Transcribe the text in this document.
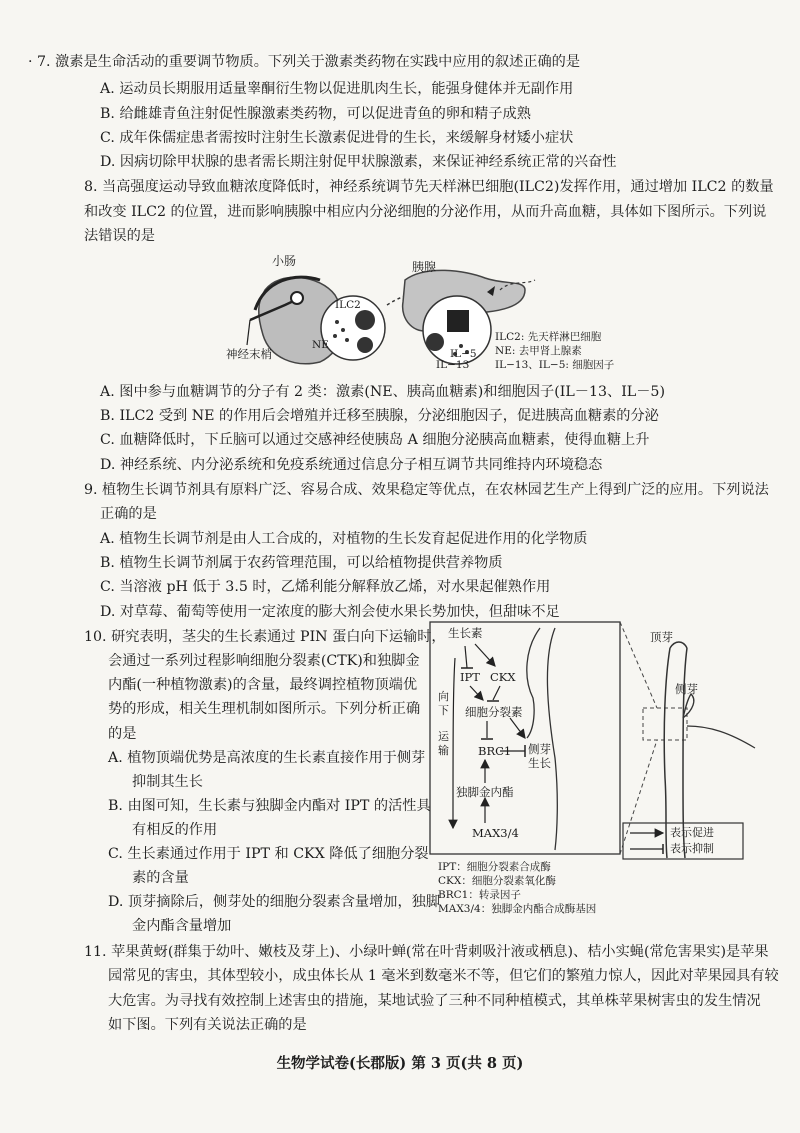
· 7. 激素是生命活动的重要调节物质。下列关于激素类药物在实践中应用的叙述正确的是
A. 运动员长期服用适量睾酮衍生物以促进肌肉生长，能强身健体并无副作用
B. 给雌雄青鱼注射促性腺激素类药物，可以促进青鱼的卵和精子成熟
C. 成年侏儒症患者需按时注射生长激素促进骨的生长，来缓解身材矮小症状
D. 因病切除甲状腺的患者需长期注射促甲状腺激素，来保证神经系统正常的兴奋性
8. 当高强度运动导致血糖浓度降低时，神经系统调节先天样淋巴细胞(ILC2)发挥作用，通过增加 ILC2 的数量
和改变 ILC2 的位置，进而影响胰腺中相应内分泌细胞的分泌作用，从而升高血糖，具体如下图所示。下列说
法错误的是
小肠	胰腺
神经末梢
ILC2
NE
IL−5
IL−13
ILC2: 先天样淋巴细胞
NE: 去甲肾上腺素
IL−13、IL−5: 细胞因子
A. 图中参与血糖调节的分子有 2 类：激素(NE、胰高血糖素)和细胞因子(IL－13、IL－5)
B. ILC2 受到 NE 的作用后会增殖并迁移至胰腺，分泌细胞因子，促进胰高血糖素的分泌
C. 血糖降低时，下丘脑可以通过交感神经使胰岛 A 细胞分泌胰高血糖素，使得血糖上升
D. 神经系统、内分泌系统和免疫系统通过信息分子相互调节共同维持内环境稳态
9. 植物生长调节剂具有原料广泛、容易合成、效果稳定等优点，在农林园艺生产上得到广泛的应用。下列说法
正确的是
A. 植物生长调节剂是由人工合成的，对植物的生长发育起促进作用的化学物质
B. 植物生长调节剂属于农药管理范围，可以给植物提供营养物质
C. 当溶液 pH 低于 3.5 时，乙烯利能分解释放乙烯，对水果起催熟作用
D. 对草莓、葡萄等使用一定浓度的膨大剂会使水果长势加快，但甜味不足
10. 研究表明，茎尖的生长素通过 PIN 蛋白向下运输时，
会通过一系列过程影响细胞分裂素(CTK)和独脚金
内酯(一种植物激素)的含量，最终调控植物顶端优
势的形成，相关生理机制如图所示。下列分析正确
的是
A. 植物顶端优势是高浓度的生长素直接作用于侧芽
抑制其生长
B. 由图可知，生长素与独脚金内酯对 IPT 的活性具
有相反的作用
C. 生长素通过作用于 IPT 和 CKX 降低了细胞分裂
素的含量
D. 顶芽摘除后，侧芽处的细胞分裂素含量增加，独脚
金内酯含量增加
生长素
IPT CKX
细胞分裂素
BRC1 侧芽
生长
独脚金内酯
MAX3/4
向
下
运
输
顶芽
侧芽
表示促进
表示抑制
IPT：细胞分裂素合成酶
CKX：细胞分裂素氧化酶
BRC1：转录因子
MAX3/4：独脚金内酯合成酶基因
11. 苹果黄蚜(群集于幼叶、嫩枝及芽上)、小绿叶蝉(常在叶背刺吸汁液或栖息)、桔小实蝇(常危害果实)是苹果
园常见的害虫，其体型较小，成虫体长从 1 毫米到数毫米不等，但它们的繁殖力惊人，因此对苹果园具有较
大危害。为寻找有效控制上述害虫的措施，某地试验了三种不同种植模式，其单株苹果树害虫的发生情况
如下图。下列有关说法正确的是
生物学试卷(长郡版) 第 3 页(共 8 页)
